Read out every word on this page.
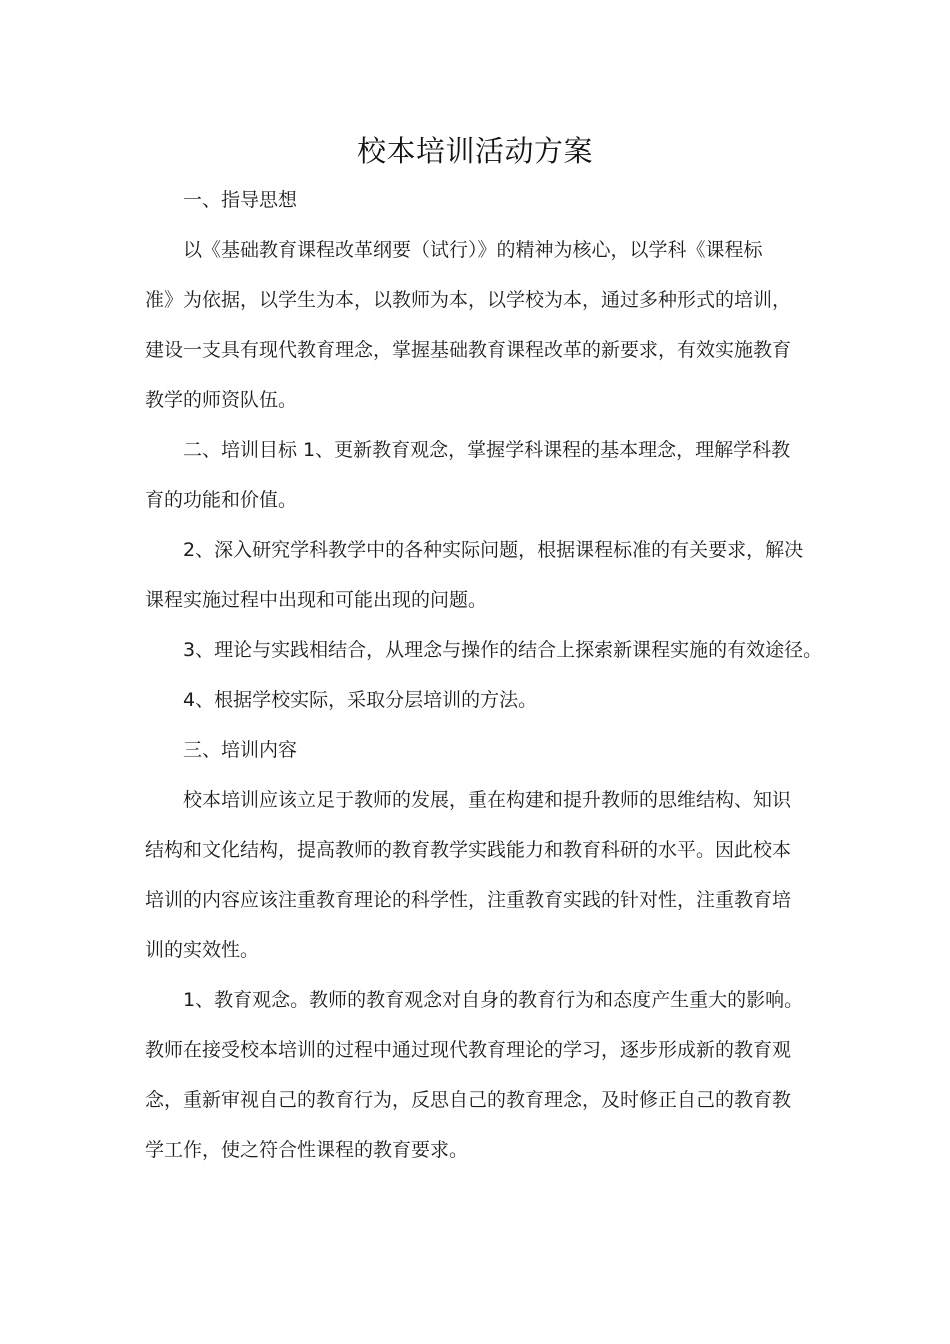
校本培训活动方案
一、指导思想
以《基础教育课程改革纲要（试行）》的精神为核心，以学科《课程标
准》为依据，以学生为本，以教师为本，以学校为本，通过多种形式的培训，
建设一支具有现代教育理念，掌握基础教育课程改革的新要求，有效实施教育
教学的师资队伍。
二、培训目标 1、更新教育观念，掌握学科课程的基本理念，理解学科教
育的功能和价值。
2、深入研究学科教学中的各种实际问题，根据课程标准的有关要求，解决
课程实施过程中出现和可能出现的问题。
3、理论与实践相结合，从理念与操作的结合上探索新课程实施的有效途径。
4、根据学校实际，采取分层培训的方法。
三、培训内容
校本培训应该立足于教师的发展，重在构建和提升教师的思维结构、知识
结构和文化结构，提高教师的教育教学实践能力和教育科研的水平。因此校本
培训的内容应该注重教育理论的科学性，注重教育实践的针对性，注重教育培
训的实效性。
1、教育观念。教师的教育观念对自身的教育行为和态度产生重大的影响。
教师在接受校本培训的过程中通过现代教育理论的学习，逐步形成新的教育观
念，重新审视自己的教育行为，反思自己的教育理念，及时修正自己的教育教
学工作，使之符合性课程的教育要求。
